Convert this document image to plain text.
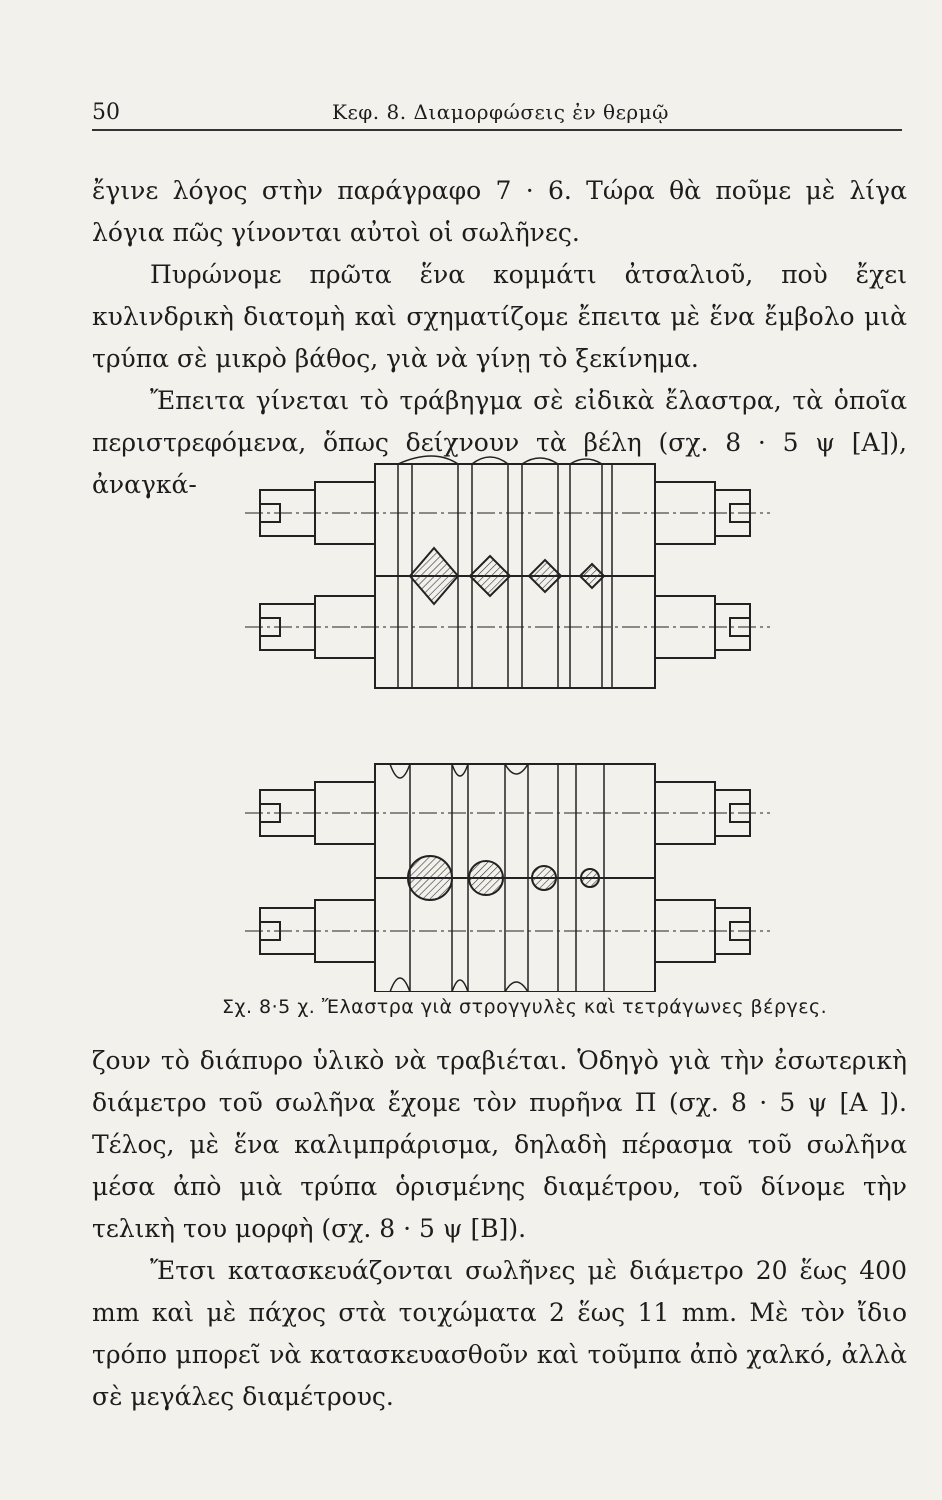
50	Κεφ. 8. Διαμορφώσεις ἐν θερμῷ

ἔγινε λόγος στὴν παράγραφο 7 · 6. Τώρα θὰ ποῦμε μὲ λίγα λόγια πῶς γίνονται αὐτοὶ οἱ σωλῆνες.

Πυρώνομε πρῶτα ἕνα κομμάτι ἀτσαλιοῦ, ποὺ ἔχει κυλινδρικὴ διατομὴ καὶ σχηματίζομε ἔπειτα μὲ ἕνα ἔμβολο μιὰ τρύπα σὲ μικρὸ βάθος, γιὰ νὰ γίνῃ τὸ ξεκίνημα.

Ἔπειτα γίνεται τὸ τράβηγμα σὲ εἰδικὰ ἔλαστρα, τὰ ὁποῖα περιστρεφόμενα, ὅπως δείχνουν τὰ βέλη (σχ. 8 · 5 ψ [A]), ἀναγκά-

Σχ. 8·5 χ. Ἔλαστρα γιὰ στρογγυλὲς καὶ τετράγωνες βέργες.

ζουν τὸ διάπυρο ὑλικὸ νὰ τραβιέται. Ὁδηγὸ γιὰ τὴν ἐσωτερικὴ διάμετρο τοῦ σωλῆνα ἔχομε τὸν πυρῆνα Π (σχ. 8 · 5 ψ [A ]). Τέλος, μὲ ἕνα καλιμπράρισμα, δηλαδὴ πέρασμα τοῦ σωλῆνα μέσα ἀπὸ μιὰ τρύπα ὁρισμένης διαμέτρου, τοῦ δίνομε τὴν τελικὴ του μορφὴ (σχ. 8 · 5 ψ [B]).

Ἔτσι κατασκευάζονται σωλῆνες μὲ διάμετρο 20 ἕως 400 mm καὶ μὲ πάχος στὰ τοιχώματα 2 ἕως 11 mm. Μὲ τὸν ἴδιο τρόπο μπορεῖ νὰ κατασκευασθοῦν καὶ τοῦμπα ἀπὸ χαλκό, ἀλλὰ σὲ μεγάλες διαμέτρους.
